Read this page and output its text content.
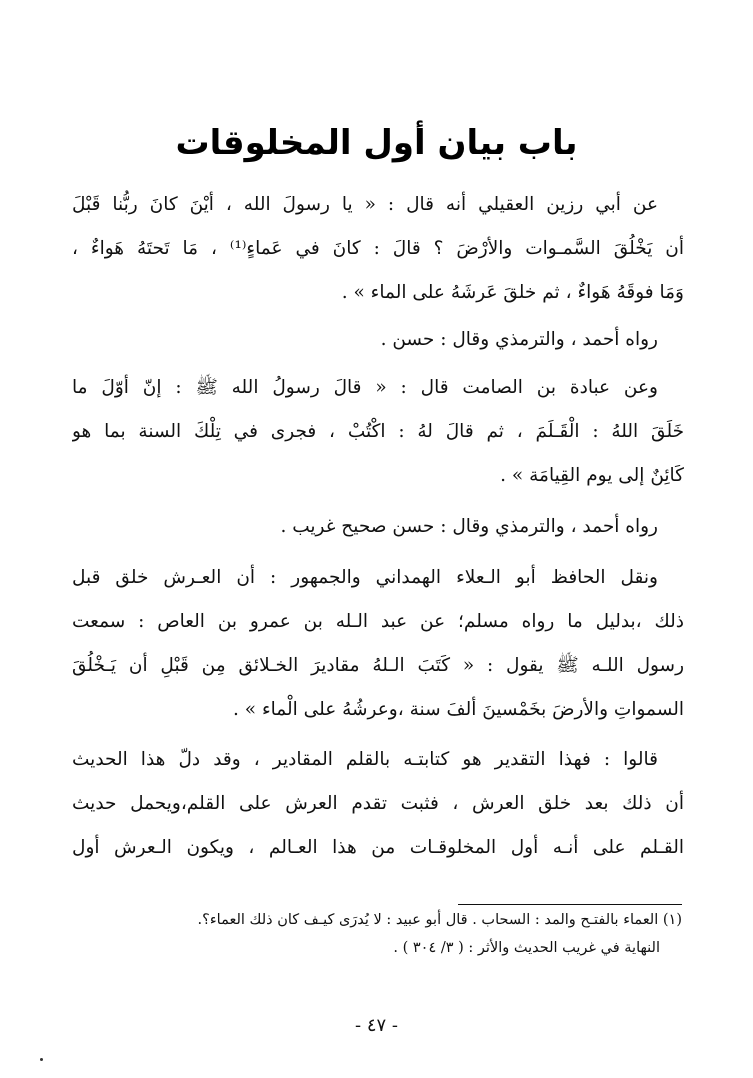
باب بيان أول المخلوقات
عن أبي رزين العقيلي أنه قال : « يا رسولَ الله ، أيْنَ كانَ ربُّنا قَبْلَ
أن يَخْلُقَ السَّمـوات والأرْضَ ؟ قالَ : كانَ في عَماءٍ⁽¹⁾ ، مَا تَحتَهُ هَواءٌ ،
وَمَا فوقَهُ هَواءٌ ، ثم خلقَ عَرشَهُ على الماء » .
رواه أحمد ، والترمذي وقال : حسن .
وعن عبادة بن الصامت قال : « قالَ رسولُ الله ﷺ : إنّ أوّلَ ما
خَلَقَ اللهُ : الْقَـلَمَ ، ثم قالَ لهُ : اكْتُبْ ، فجرى في تِلْكَ السنة بما هو
كَائِنٌ إلى يوم القِيامَة » .
رواه أحمد ، والترمذي وقال : حسن صحيح غريب .
ونقل الحافظ أبو الـعلاء الهمداني والجمهور : أن العـرش خلق قبل
ذلك ،بدليل ما رواه مسلم؛ عن عبد الـله بن عمرو بن العاص : سمعت
رسول اللـه ﷺ يقول : « كَتَبَ الـلهُ مقاديرَ الخـلائق مِن قَبْلِ أن يَـخْلُقَ
السمواتِ والأرضَ بخَمْسينَ ألفَ سنة ،وعرشُهُ على الْماء » .
قالوا : فهذا التقدير هو كتابتـه بالقلم المقادير ، وقد دلّ هذا الحديث
أن ذلك بعد خلق العرش ، فثبت تقدم العرش على القلم،ويحمل حديث
القـلم على أنـه أول المخلوقـات من هذا العـالم ، ويكون الـعرش أول
(١) العماء بالفتـح والمد : السحاب . قال أبو عبيد : لا يُدرَى كيـف كان ذلك العماء؟.
النهاية في غريب الحديث والأثر : ( ٣/ ٣٠٤ ) .
- ٤٧ -
